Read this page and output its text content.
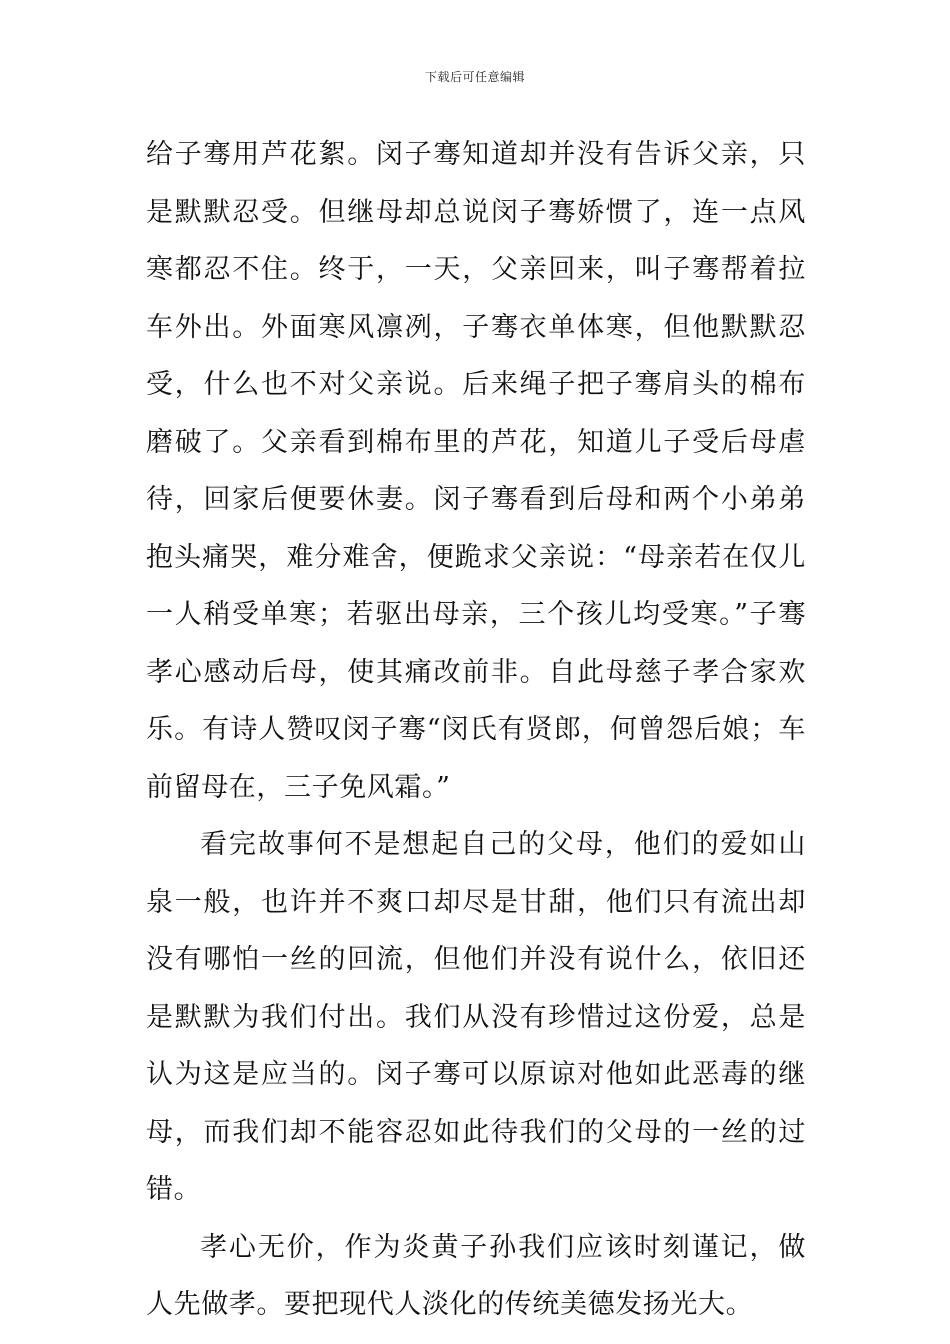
下载后可任意编辑

给子骞用芦花絮。闵子骞知道却并没有告诉父亲，只是默默忍受。但继母却总说闵子骞娇惯了，连一点风寒都忍不住。终于，一天，父亲回来，叫子骞帮着拉车外出。外面寒风凛冽，子骞衣单体寒，但他默默忍受，什么也不对父亲说。后来绳子把子骞肩头的棉布磨破了。父亲看到棉布里的芦花，知道儿子受后母虐待，回家后便要休妻。闵子骞看到后母和两个小弟弟抱头痛哭，难分难舍，便跪求父亲说：“母亲若在仅儿一人稍受单寒；若驱出母亲，三个孩儿均受寒。”子骞孝心感动后母，使其痛改前非。自此母慈子孝合家欢乐。有诗人赞叹闵子骞“闵氏有贤郎，何曾怨后娘；车前留母在，三子免风霜。”

看完故事何不是想起自己的父母，他们的爱如山泉一般，也许并不爽口却尽是甘甜，他们只有流出却没有哪怕一丝的回流，但他们并没有说什么，依旧还是默默为我们付出。我们从没有珍惜过这份爱，总是认为这是应当的。闵子骞可以原谅对他如此恶毒的继母，而我们却不能容忍如此待我们的父母的一丝的过错。

孝心无价，作为炎黄子孙我们应该时刻谨记，做人先做孝。要把现代人淡化的传统美德发扬光大。
